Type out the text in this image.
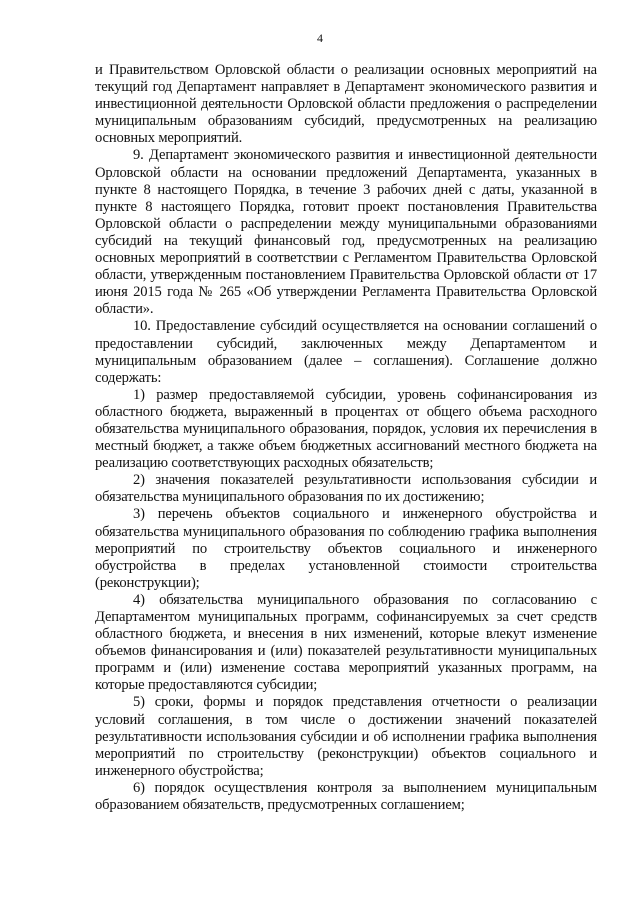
4

и Правительством Орловской области о реализации основных мероприятий на текущий год Департамент направляет в Департамент экономического развития и инвестиционной деятельности Орловской области предложения о распределении муниципальным образованиям субсидий, предусмотренных на реализацию основных мероприятий.

9. Департамент экономического развития и инвестиционной деятельности Орловской области на основании предложений Департамента, указанных в пункте 8 настоящего Порядка, в течение 3 рабочих дней с даты, указанной в пункте 8 настоящего Порядка, готовит проект постановления Правительства Орловской области о распределении между муниципальными образованиями субсидий на текущий финансовый год, предусмотренных на реализацию основных мероприятий в соответствии с Регламентом Правительства Орловской области, утвержденным постановлением Правительства Орловской области от 17 июня 2015 года № 265 «Об утверждении Регламента Правительства Орловской области».

10. Предоставление субсидий осуществляется на основании соглашений о предоставлении субсидий, заключенных между Департаментом и муниципальным образованием (далее – соглашения). Соглашение должно содержать:

1) размер предоставляемой субсидии, уровень софинансирования из областного бюджета, выраженный в процентах от общего объема расходного обязательства муниципального образования, порядок, условия их перечисления в местный бюджет, а также объем бюджетных ассигнований местного бюджета на реализацию соответствующих расходных обязательств;

2) значения показателей результативности использования субсидии и обязательства муниципального образования по их достижению;

3) перечень объектов социального и инженерного обустройства и обязательства муниципального образования по соблюдению графика выполнения мероприятий по строительству объектов социального и инженерного обустройства в пределах установленной стоимости строительства (реконструкции);

4) обязательства муниципального образования по согласованию с Департаментом муниципальных программ, софинансируемых за счет средств областного бюджета, и внесения в них изменений, которые влекут изменение объемов финансирования и (или) показателей результативности муниципальных программ и (или) изменение состава мероприятий указанных программ, на которые предоставляются субсидии;

5) сроки, формы и порядок представления отчетности о реализации условий соглашения, в том числе о достижении значений показателей результативности использования субсидии и об исполнении графика выполнения мероприятий по строительству (реконструкции) объектов социального и инженерного обустройства;

6) порядок осуществления контроля за выполнением муниципальным образованием обязательств, предусмотренных соглашением;
